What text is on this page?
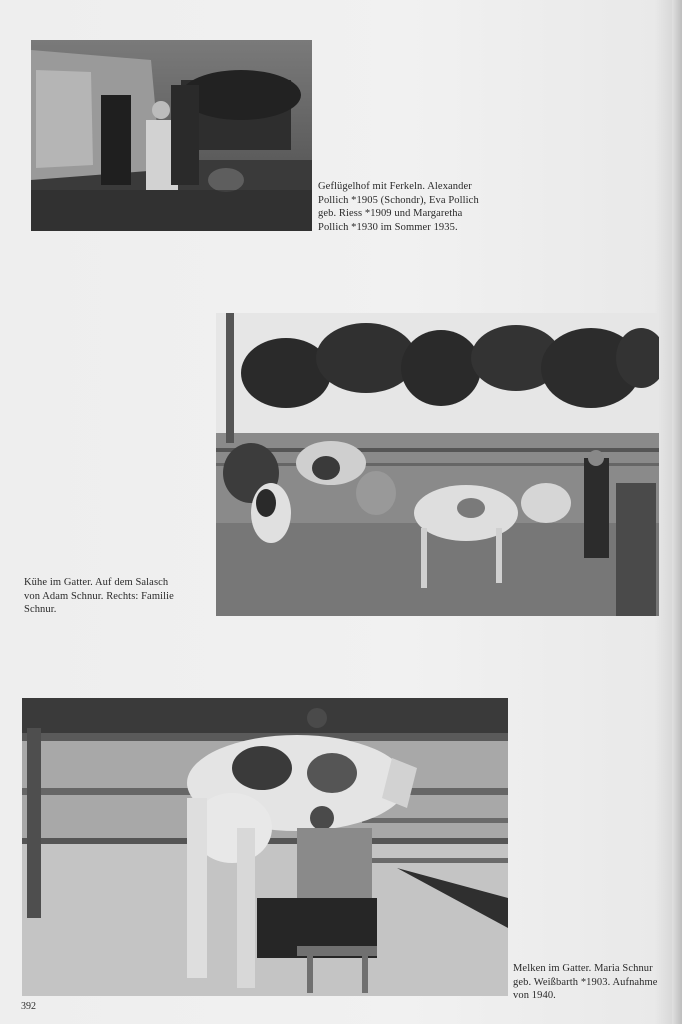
Geflügelhof mit Ferkeln. Alexander
Pollich *1905 (Schondr), Eva Pollich
geb. Riess *1909 und Margaretha
Pollich *1930 im Sommer 1935.
Kühe im Gatter. Auf dem Salasch
von Adam Schnur. Rechts: Familie
Schnur.
Melken im Gatter. Maria Schnur
geb. Weißbarth *1903. Aufnahme
von 1940.
392
